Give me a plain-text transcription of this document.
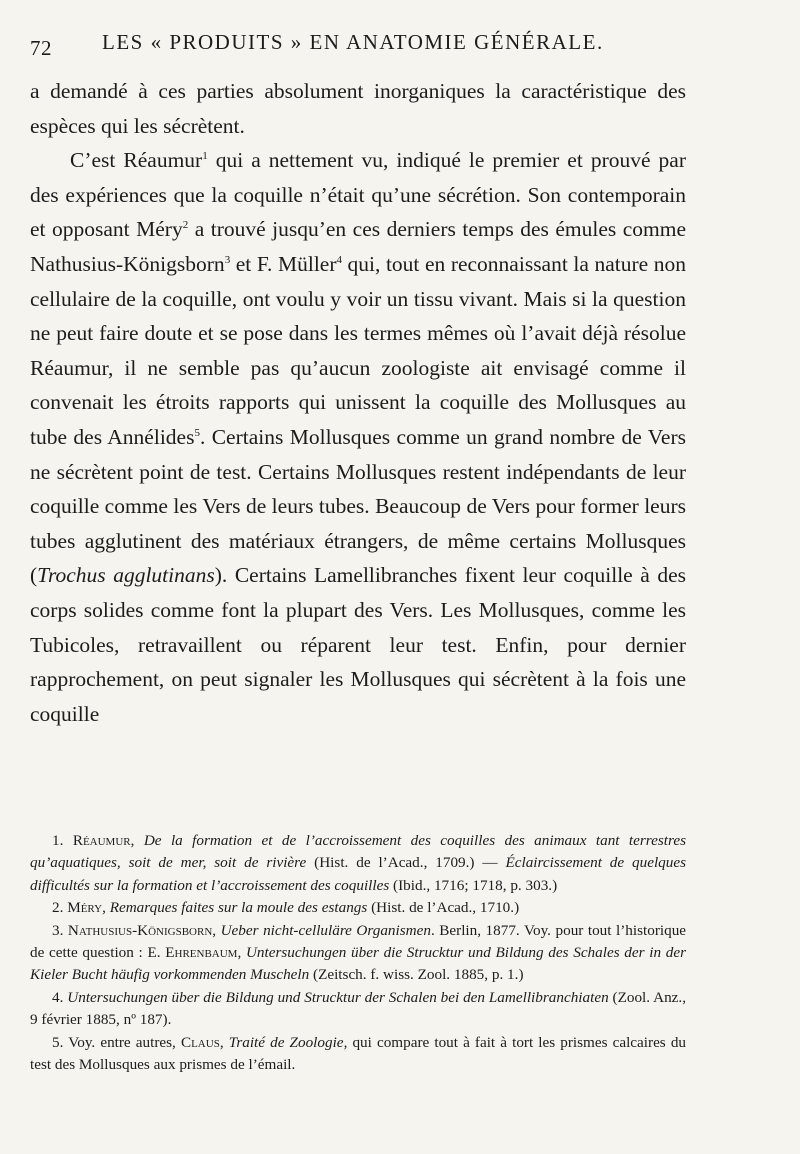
72 LES « PRODUITS » EN ANATOMIE GÉNÉRALE.

a demandé à ces parties absolument inorganiques la caractéristique des espèces qui les sécrètent.

C’est Réaumur$^1$ qui a nettement vu, indiqué le premier et prouvé par des expériences que la coquille n’était qu’une sécrétion. Son contemporain et opposant Méry$^2$ a trouvé jusqu’en ces derniers temps des émules comme Nathusius-Königsborn$^3$ et F. Müller$^4$ qui, tout en reconnaissant la nature non cellulaire de la coquille, ont voulu y voir un tissu vivant. Mais si la question ne peut faire doute et se pose dans les termes mêmes où l’avait déjà résolue Réaumur, il ne semble pas qu’aucun zoologiste ait envisagé comme il convenait les étroits rapports qui unissent la coquille des Mollusques au tube des Annélides$^5$. Certains Mollusques comme un grand nombre de Vers ne sécrètent point de test. Certains Mollusques restent indépendants de leur coquille comme les Vers de leurs tubes. Beaucoup de Vers pour former leurs tubes agglutinent des matériaux étrangers, de même certains Mollusques (Trochus agglutinans). Certains Lamellibranches fixent leur coquille à des corps solides comme font la plupart des Vers. Les Mollusques, comme les Tubicoles, retravaillent ou réparent leur test. Enfin, pour dernier rapprochement, on peut signaler les Mollusques qui sécrètent à la fois une coquille

1. Réaumur, De la formation et de l’accroissement des coquilles des animaux tant terrestres qu’aquatiques, soit de mer, soit de rivière (Hist. de l’Acad., 1709.) — Éclaircissement de quelques difficultés sur la formation et l’accroissement des coquilles (Ibid., 1716; 1718, p. 303.)

2. Méry, Remarques faites sur la moule des estangs (Hist. de l’Acad., 1710.)

3. Nathusius-Königsborn, Ueber nicht-celluläre Organismen. Berlin, 1877. Voy. pour tout l’historique de cette question : E. Ehrenbaum, Untersuchungen über die Strucktur und Bildung des Schales der in der Kieler Bucht häufig vorkommenden Muscheln (Zeitsch. f. wiss. Zool. 1885, p. 1.)

4. Untersuchungen über die Bildung und Strucktur der Schalen bei den Lamellibranchiaten (Zool. Anz., 9 février 1885, nº 187).

5. Voy. entre autres, Claus, Traité de Zoologie, qui compare tout à fait à tort les prismes calcaires du test des Mollusques aux prismes de l’émail.
